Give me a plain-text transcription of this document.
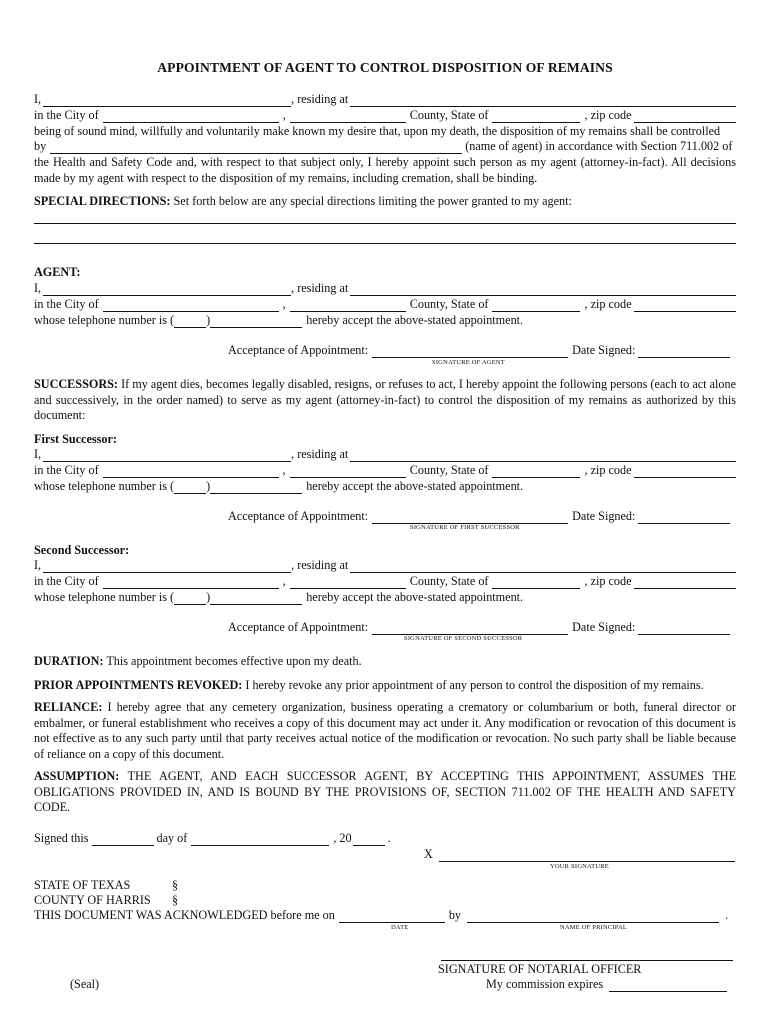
APPOINTMENT OF AGENT TO CONTROL DISPOSITION OF REMAINS
I,	, residing at
in the City of	,	County, State of	, zip code
being of sound mind, willfully and voluntarily make known my desire that, upon my death, the disposition of my remains shall be controlled
by	(name of agent) in accordance with Section 711.002 of
the Health and Safety Code and, with respect to that subject only, I hereby appoint such person as my agent (attorney-in-fact). All decisions made by my agent with respect to the disposition of my remains, including cremation, shall be binding.
SPECIAL DIRECTIONS: Set forth below are any special directions limiting the power granted to my agent:
AGENT:
I,	, residing at
in the City of	,	County, State of	, zip code
whose telephone number is (	)	hereby accept the above-stated appointment.
Acceptance of Appointment:	Date Signed:
SIGNATURE OF AGENT
SUCCESSORS: If my agent dies, becomes legally disabled, resigns, or refuses to act, I hereby appoint the following persons (each to act alone and successively, in the order named) to serve as my agent (attorney-in-fact) to control the disposition of my remains as authorized by this document:
First Successor:
I,	, residing at
in the City of	,	County, State of	, zip code
whose telephone number is (	)	hereby accept the above-stated appointment.
Acceptance of Appointment:	Date Signed:
SIGNATURE OF FIRST SUCCESSOR
Second Successor:
I,	, residing at
in the City of	,	County, State of	, zip code
whose telephone number is (	)	hereby accept the above-stated appointment.
Acceptance of Appointment:	Date Signed:
SIGNATURE OF SECOND SUCCESSOR
DURATION: This appointment becomes effective upon my death.
PRIOR APPOINTMENTS REVOKED: I hereby revoke any prior appointment of any person to control the disposition of my remains.
RELIANCE: I hereby agree that any cemetery organization, business operating a crematory or columbarium or both, funeral director or embalmer, or funeral establishment who receives a copy of this document may act under it. Any modification or revocation of this document is not effective as to any such party until that party receives actual notice of the modification or revocation. No such party shall be liable because of reliance on a copy of this document.
ASSUMPTION: THE AGENT, AND EACH SUCCESSOR AGENT, BY ACCEPTING THIS APPOINTMENT, ASSUMES THE OBLIGATIONS PROVIDED IN, AND IS BOUND BY THE PROVISIONS OF, SECTION 711.002 OF THE HEALTH AND SAFETY CODE.
Signed this	day of	, 20	.
X
YOUR SIGNATURE
STATE OF TEXAS	§
COUNTY OF HARRIS §
THIS DOCUMENT WAS ACKNOWLEDGED before me on	by	.
DATE	NAME OF PRINCIPAL
SIGNATURE OF NOTARIAL OFFICER
(Seal)	My commission expires
